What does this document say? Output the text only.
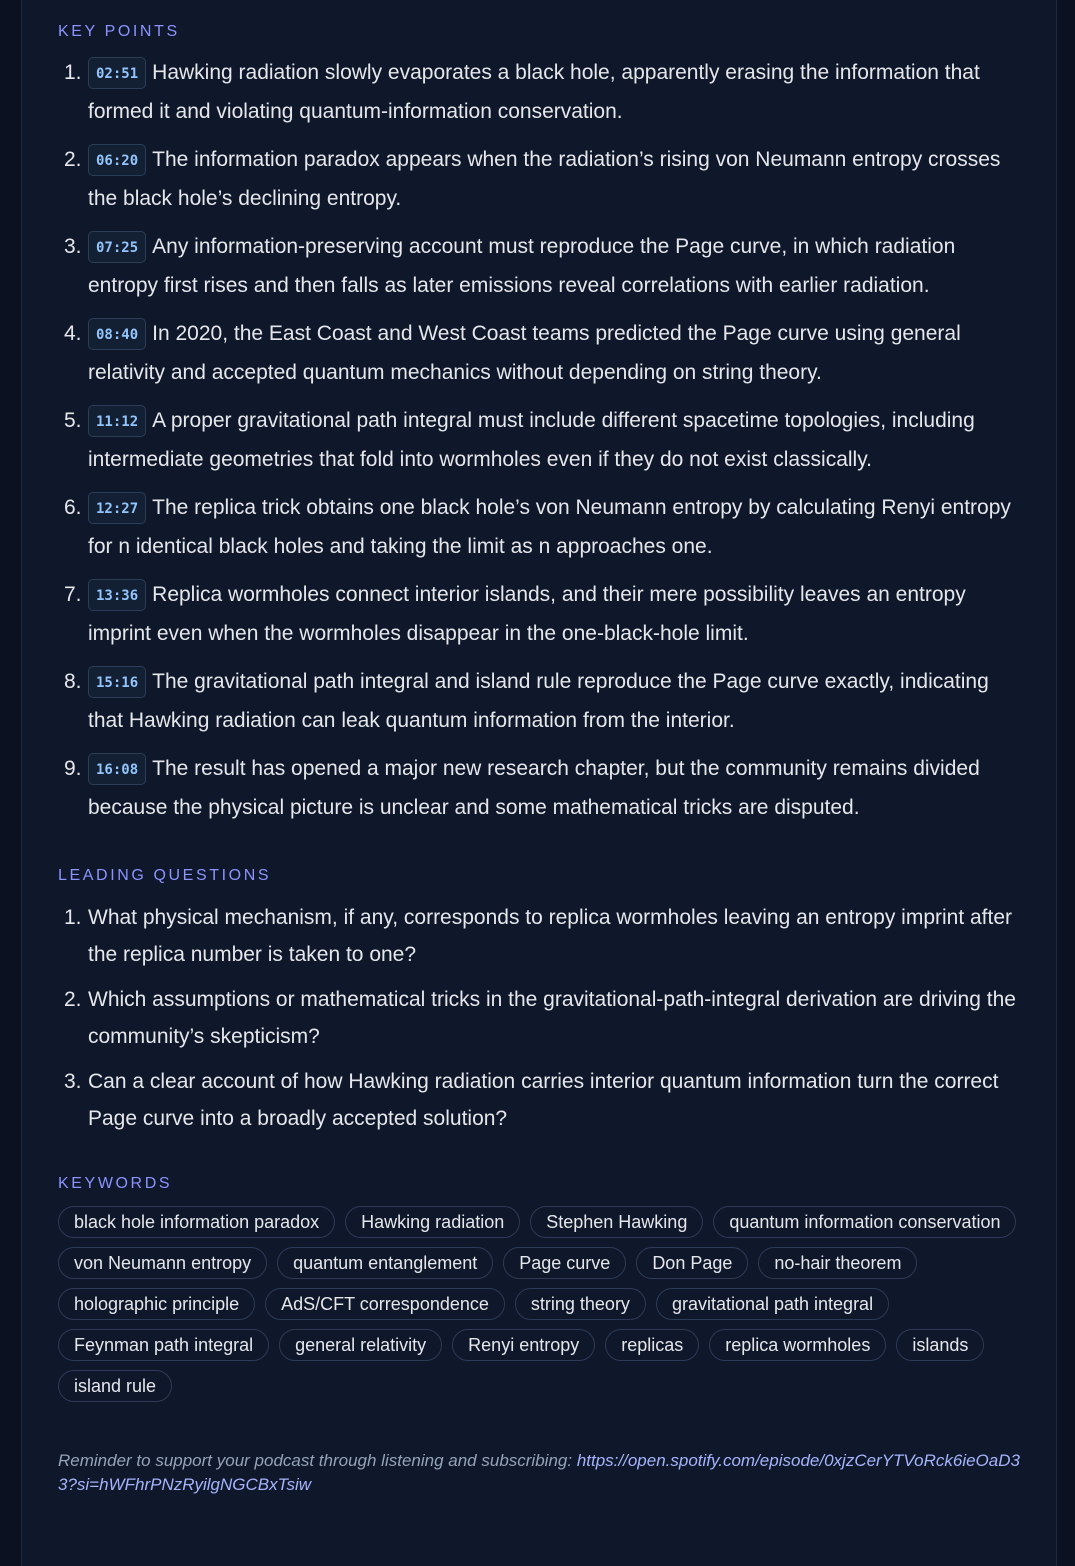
KEY POINTS
1. 02:51 Hawking radiation slowly evaporates a black hole, apparently erasing the information that formed it and violating quantum-information conservation.
2. 06:20 The information paradox appears when the radiation’s rising von Neumann entropy crosses the black hole’s declining entropy.
3. 07:25 Any information-preserving account must reproduce the Page curve, in which radiation entropy first rises and then falls as later emissions reveal correlations with earlier radiation.
4. 08:40 In 2020, the East Coast and West Coast teams predicted the Page curve using general relativity and accepted quantum mechanics without depending on string theory.
5. 11:12 A proper gravitational path integral must include different spacetime topologies, including intermediate geometries that fold into wormholes even if they do not exist classically.
6. 12:27 The replica trick obtains one black hole’s von Neumann entropy by calculating Renyi entropy for n identical black holes and taking the limit as n approaches one.
7. 13:36 Replica wormholes connect interior islands, and their mere possibility leaves an entropy imprint even when the wormholes disappear in the one-black-hole limit.
8. 15:16 The gravitational path integral and island rule reproduce the Page curve exactly, indicating that Hawking radiation can leak quantum information from the interior.
9. 16:08 The result has opened a major new research chapter, but the community remains divided because the physical picture is unclear and some mathematical tricks are disputed.
LEADING QUESTIONS
1. What physical mechanism, if any, corresponds to replica wormholes leaving an entropy imprint after the replica number is taken to one?
2. Which assumptions or mathematical tricks in the gravitational-path-integral derivation are driving the community’s skepticism?
3. Can a clear account of how Hawking radiation carries interior quantum information turn the correct Page curve into a broadly accepted solution?
KEYWORDS
black hole information paradox	Hawking radiation	Stephen Hawking	quantum information conservation
von Neumann entropy	quantum entanglement	Page curve	Don Page	no-hair theorem
holographic principle	AdS/CFT correspondence	string theory	gravitational path integral
Feynman path integral	general relativity	Renyi entropy	replicas	replica wormholes	islands
island rule

Reminder to support your podcast through listening and subscribing: https://open.spotify.com/episode/0xjzCerYTVoRck6ieOaD33?si=hWFhrPNzRyilgNGCBxTsiw
